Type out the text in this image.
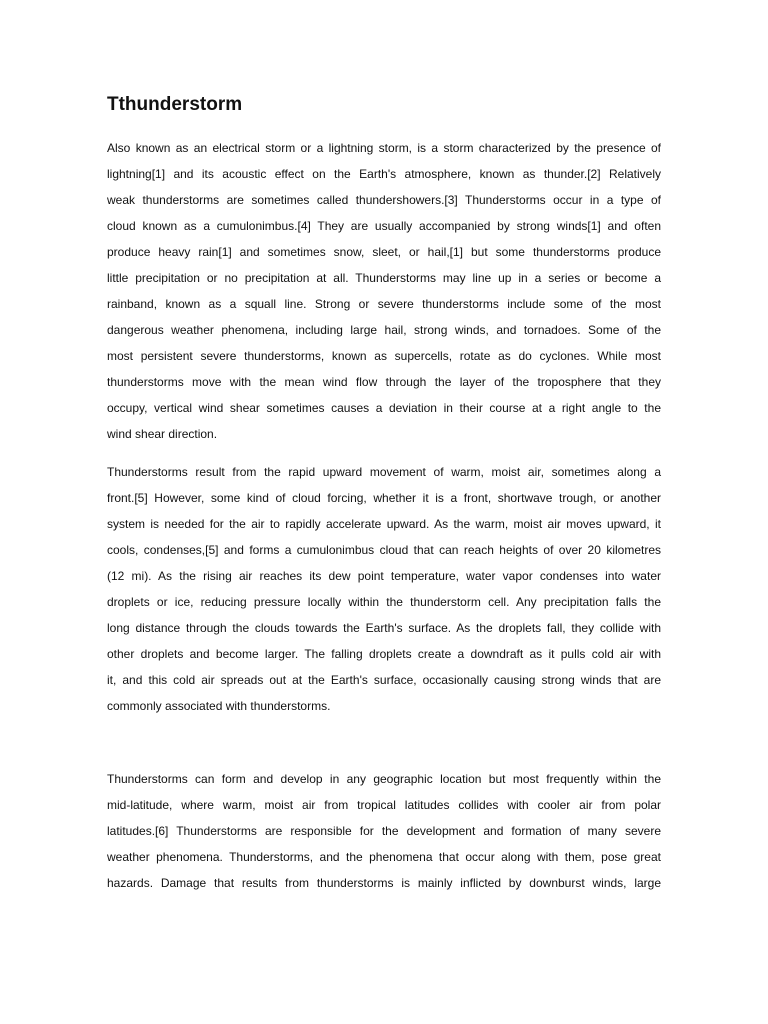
Tthunderstorm
Also known as an electrical storm or a lightning storm, is a storm characterized by the presence of
lightning[1] and its acoustic effect on the Earth's atmosphere, known as thunder.[2] Relatively
weak thunderstorms are sometimes called thundershowers.[3] Thunderstorms occur in a type of
cloud known as a cumulonimbus.[4] They are usually accompanied by strong winds[1] and often
produce heavy rain[1] and sometimes snow, sleet, or hail,[1] but some thunderstorms produce
little precipitation or no precipitation at all. Thunderstorms may line up in a series or become a
rainband, known as a squall line. Strong or severe thunderstorms include some of the most
dangerous weather phenomena, including large hail, strong winds, and tornadoes. Some of the
most persistent severe thunderstorms, known as supercells, rotate as do cyclones. While most
thunderstorms move with the mean wind flow through the layer of the troposphere that they
occupy, vertical wind shear sometimes causes a deviation in their course at a right angle to the
wind shear direction.
Thunderstorms result from the rapid upward movement of warm, moist air, sometimes along a
front.[5] However, some kind of cloud forcing, whether it is a front, shortwave trough, or another
system is needed for the air to rapidly accelerate upward. As the warm, moist air moves upward, it
cools, condenses,[5] and forms a cumulonimbus cloud that can reach heights of over 20 kilometres
(12 mi). As the rising air reaches its dew point temperature, water vapor condenses into water
droplets or ice, reducing pressure locally within the thunderstorm cell. Any precipitation falls the
long distance through the clouds towards the Earth's surface. As the droplets fall, they collide with
other droplets and become larger. The falling droplets create a downdraft as it pulls cold air with
it, and this cold air spreads out at the Earth's surface, occasionally causing strong winds that are
commonly associated with thunderstorms.
Thunderstorms can form and develop in any geographic location but most frequently within the
mid-latitude, where warm, moist air from tropical latitudes collides with cooler air from polar
latitudes.[6] Thunderstorms are responsible for the development and formation of many severe
weather phenomena. Thunderstorms, and the phenomena that occur along with them, pose great
hazards. Damage that results from thunderstorms is mainly inflicted by downburst winds, large
